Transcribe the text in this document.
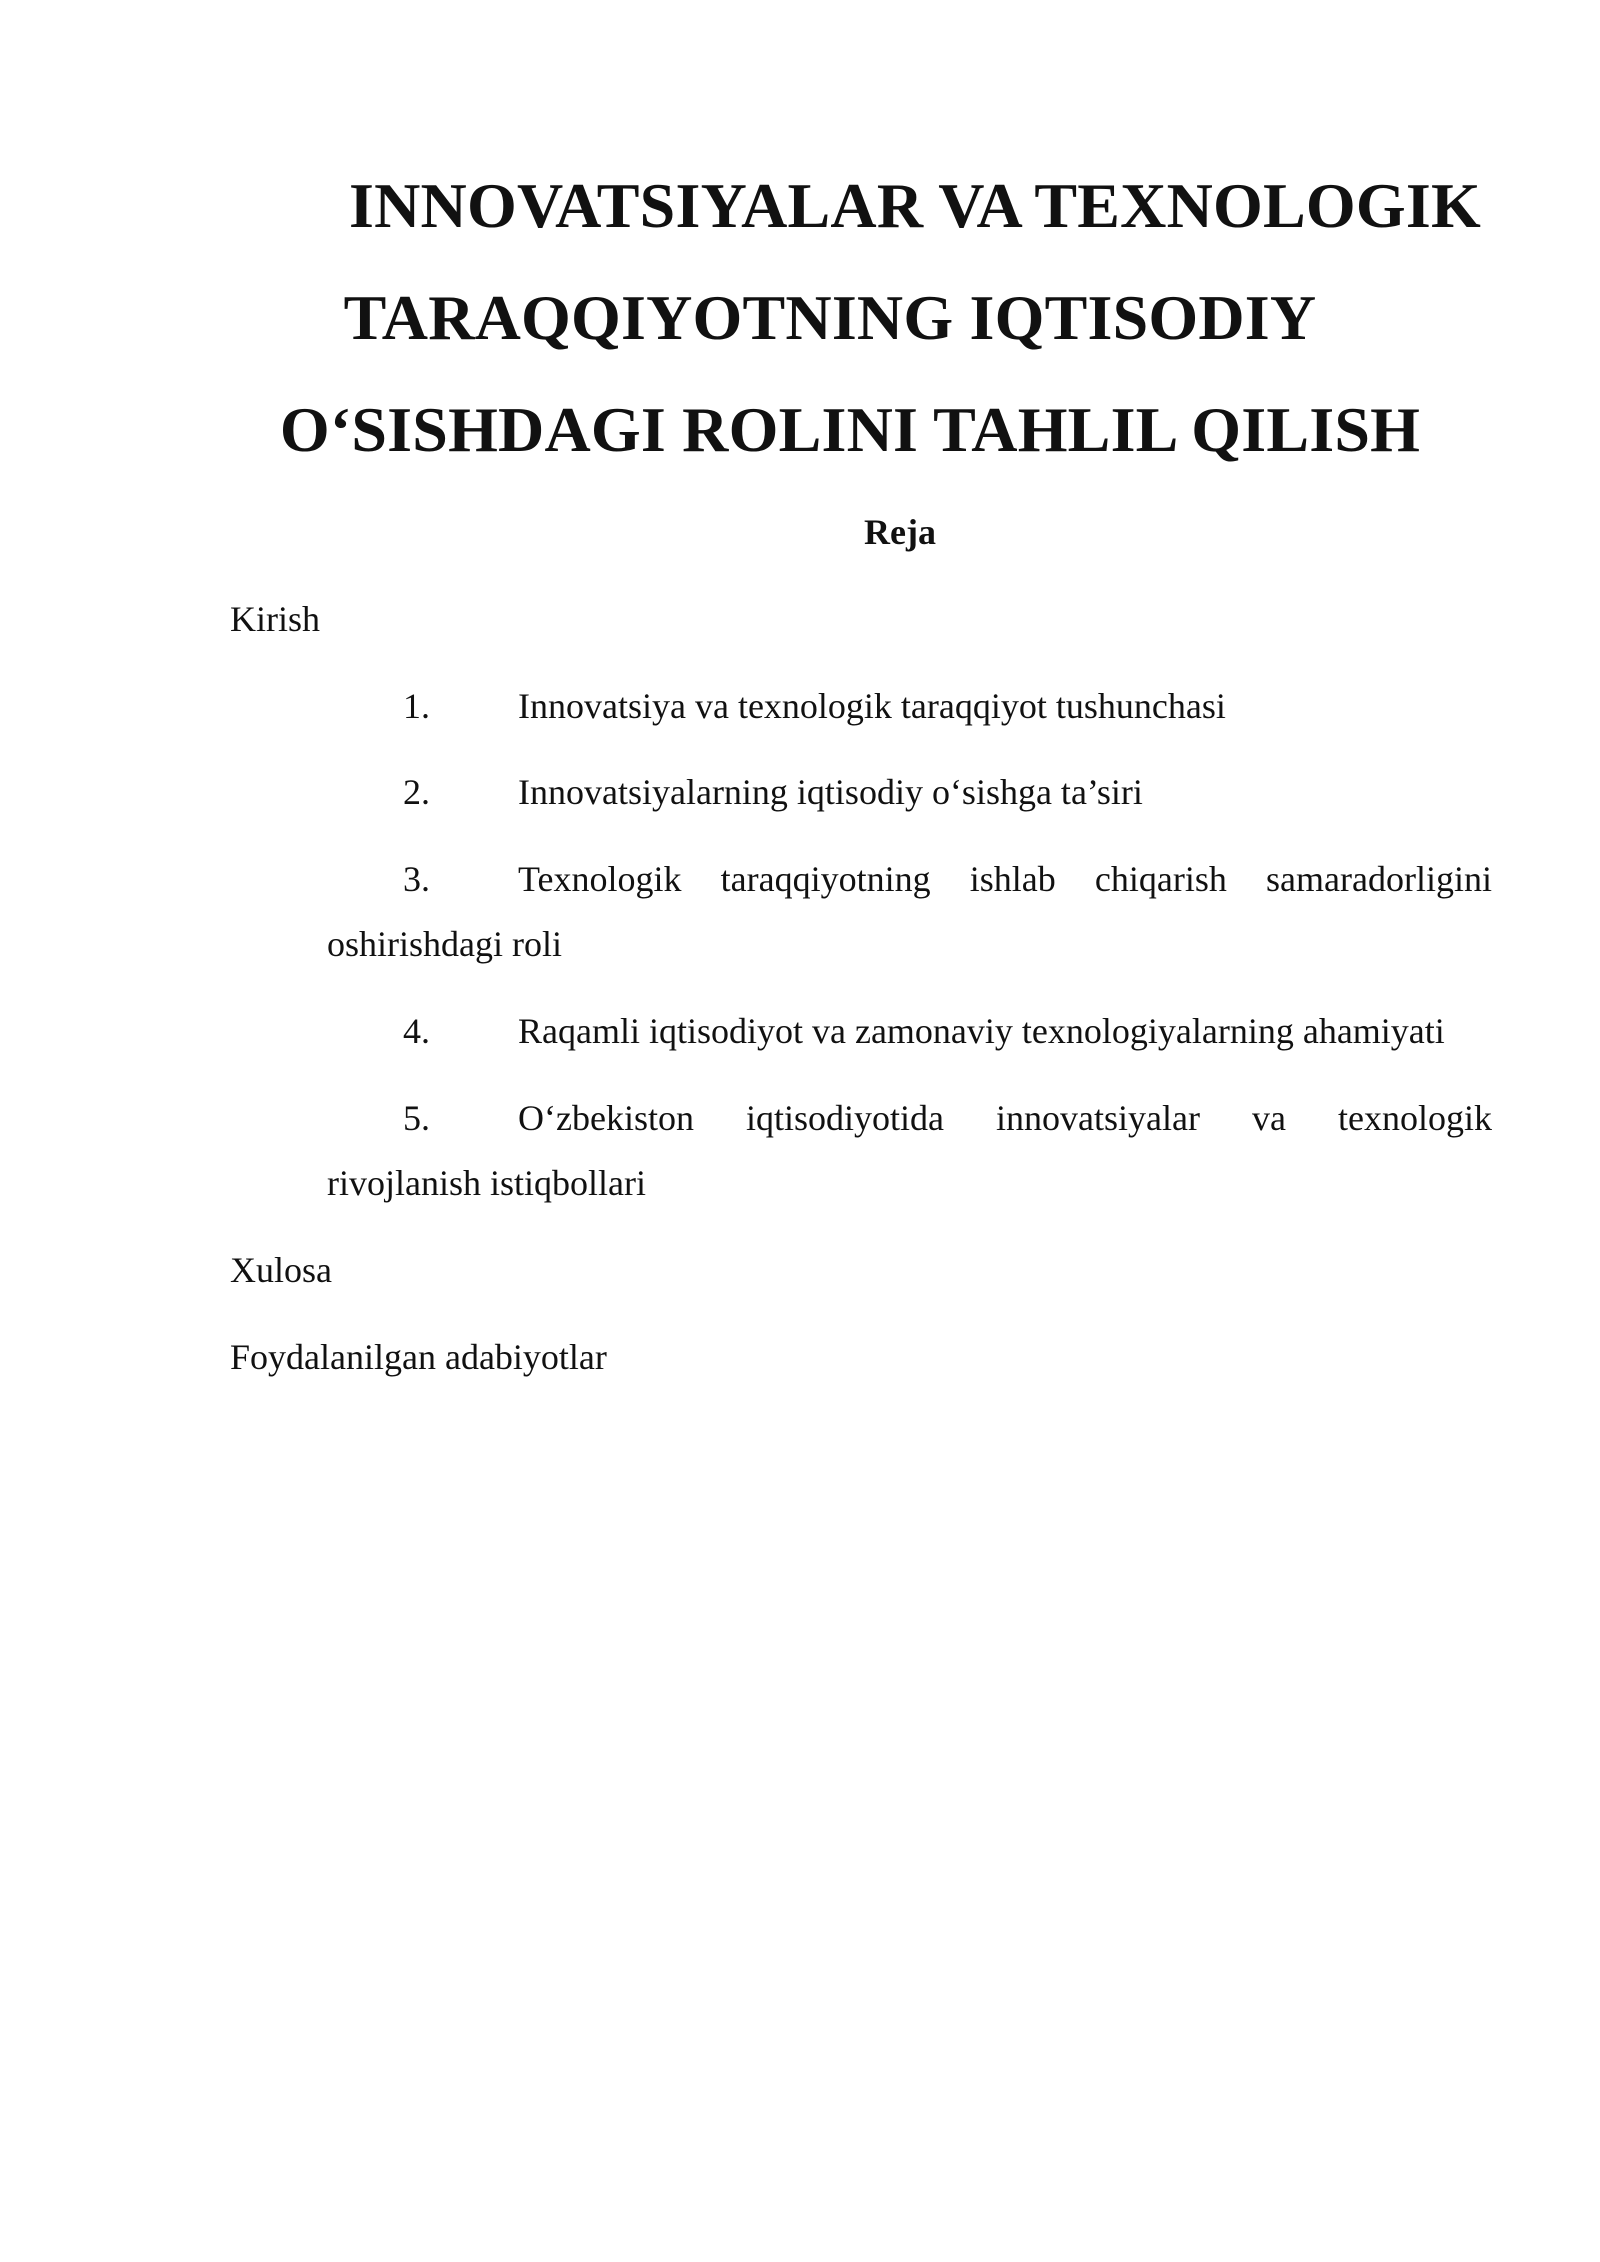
INNOVATSIYALAR VA TEXNOLOGIK
TARAQQIYOTNING IQTISODIY
O‘SISHDAGI ROLINI TAHLIL QILISH
Reja
Kirish
1. Innovatsiya va texnologik taraqqiyot tushunchasi
2. Innovatsiyalarning iqtisodiy o‘sishga ta’siri
3. Texnologik taraqqiyotning ishlab chiqarish samaradorligini
oshirishdagi roli
4. Raqamli iqtisodiyot va zamonaviy texnologiyalarning ahamiyati
5. O‘zbekiston iqtisodiyotida innovatsiyalar va texnologik
rivojlanish istiqbollari
Xulosa
Foydalanilgan adabiyotlar
